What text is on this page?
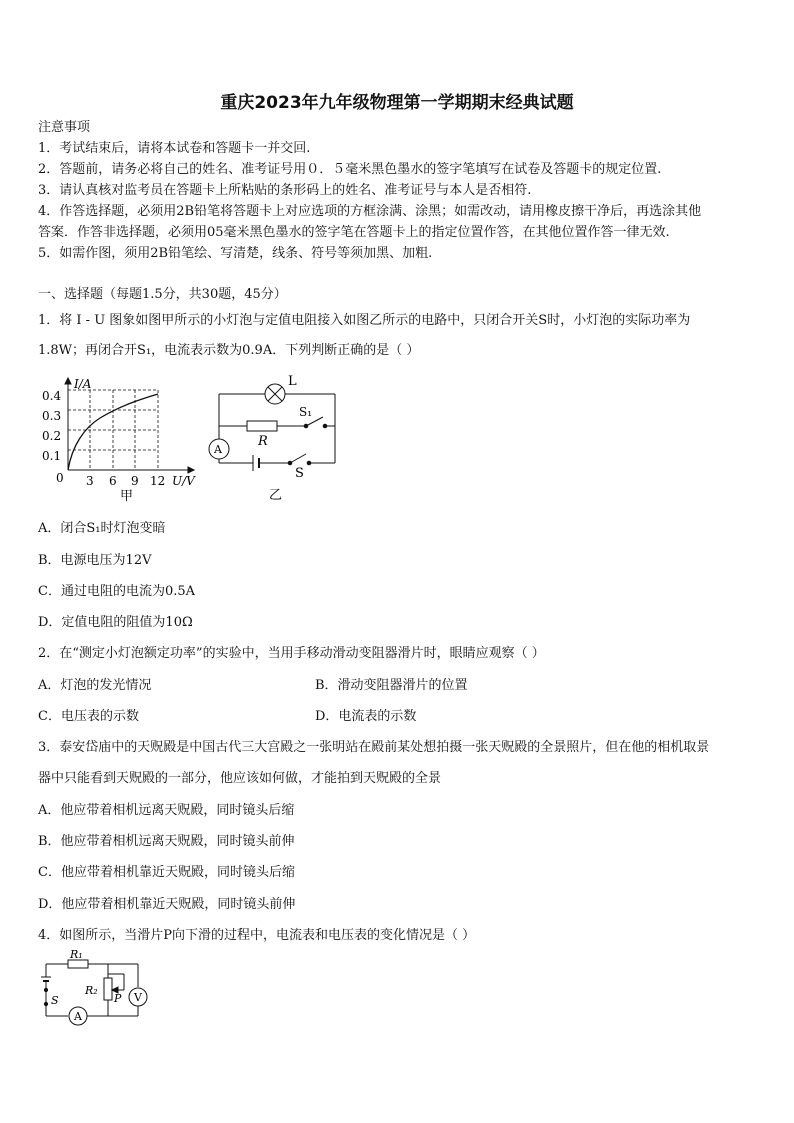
重庆2023年九年级物理第一学期期末经典试题
注意事项
1．考试结束后，请将本试卷和答题卡一并交回.
2．答题前，请务必将自己的姓名、准考证号用０．５毫米黑色墨水的签字笔填写在试卷及答题卡的规定位置.
3．请认真核对监考员在答题卡上所粘贴的条形码上的姓名、准考证号与本人是否相符.
4．作答选择题，必须用2B铅笔将答题卡上对应选项的方框涂满、涂黑；如需改动，请用橡皮擦干净后，再选涂其他
答案．作答非选择题，必须用05毫米黑色墨水的签字笔在答题卡上的指定位置作答，在其他位置作答一律无效.
5．如需作图，须用2B铅笔绘、写清楚，线条、符号等须加黑、加粗.
一、选择题（每题1.5分，共30题，45分）
1．将 I - U 图象如图甲所示的小灯泡与定值电阻接入如图乙所示的电路中，只闭合开关S时，小灯泡的实际功率为
1.8W；再闭合开S₁，电流表示数为0.9A．下列判断正确的是（ ）
I/A
0.4
0.3
0.2
0.1
0 3 6 9 12 U/V
甲
L
S₁
R
A
S
乙
A．闭合S₁时灯泡变暗
B．电源电压为12V
C．通过电阻的电流为0.5A
D．定值电阻的阻值为10Ω
2．在“测定小灯泡额定功率”的实验中，当用手移动滑动变阻器滑片时，眼睛应观察（ ）
A．灯泡的发光情况	B．滑动变阻器滑片的位置
C．电压表的示数	D．电流表的示数
3．泰安岱庙中的天贶殿是中国古代三大宫殿之一张明站在殿前某处想拍摄一张天贶殿的全景照片，但在他的相机取景
器中只能看到天贶殿的一部分，他应该如何做，才能拍到天贶殿的全景
A．他应带着相机远离天贶殿，同时镜头后缩
B．他应带着相机远离天贶殿，同时镜头前伸
C．他应带着相机靠近天贶殿，同时镜头后缩
D．他应带着相机靠近天贶殿，同时镜头前伸
4．如图所示，当滑片P向下滑的过程中，电流表和电压表的变化情况是（ ）
R₁
R₂
P V
S
A
